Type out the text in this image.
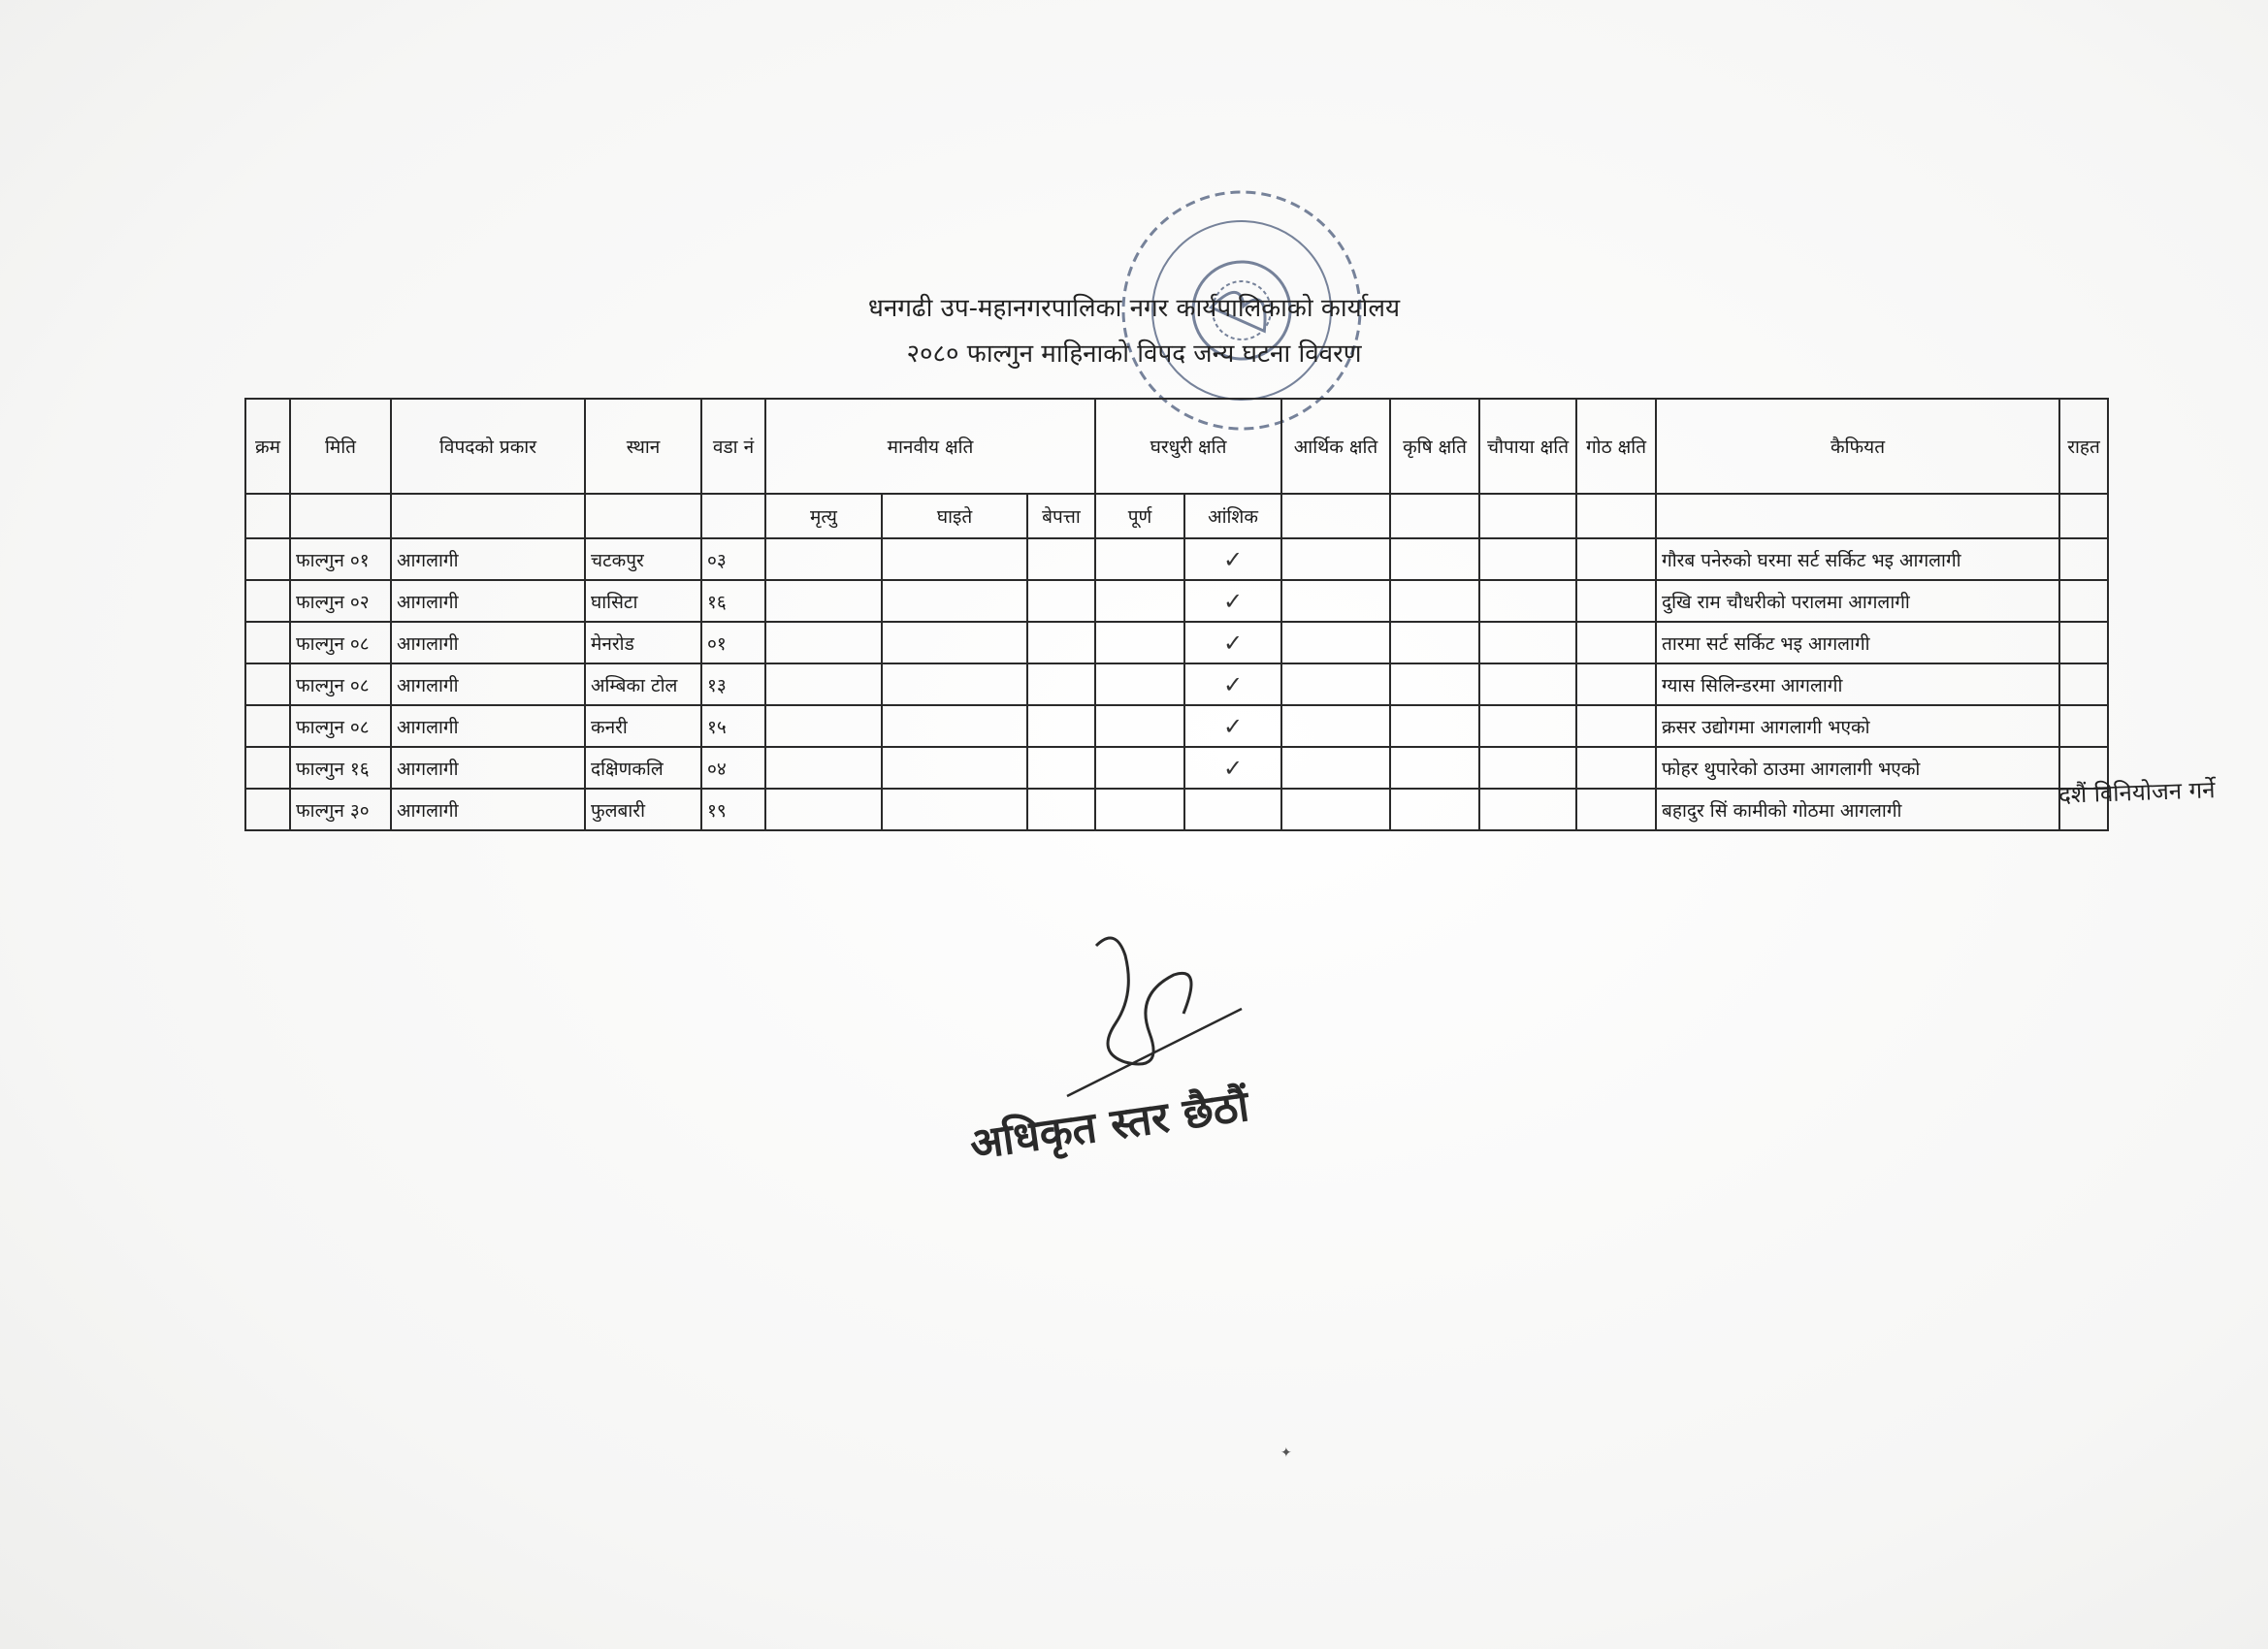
धनगढी उप-महानगरपालिका नगर कार्यपालिकाको कार्यालय
२०८० फाल्गुन माहिनाको विपद जन्य घटना विवरण
क्रम	मिति	विपदको प्रकार	स्थान	वडा नं	मानवीय क्षति			घरधुरी क्षति		आर्थिक क्षति	कृषि क्षति	चौपाया क्षति	गोठ क्षति	कैफियत	राहत
					मृत्यु	घाइते	बेपत्ता	पूर्ण	आंशिक						
	फाल्गुन ०१	आगलागी	चटकपुर	०३					✓					गौरब पनेरुको घरमा सर्ट सर्किट भइ आगलागी	
	फाल्गुन ०२	आगलागी	घासिटा	१६					✓					दुखि राम चौधरीको परालमा आगलागी	
	फाल्गुन ०८	आगलागी	मेनरोड	०१					✓					तारमा सर्ट सर्किट भइ आगलागी	
	फाल्गुन ०८	आगलागी	अम्बिका टोल	१३					✓					ग्यास सिलिन्डरमा आगलागी	
	फाल्गुन ०८	आगलागी	कनरी	१५					✓					क्रसर उद्योगमा आगलागी भएको	
	फाल्गुन १६	आगलागी	दक्षिणकलि	०४					✓					फोहर थुपारेको ठाउमा आगलागी भएको	
	फाल्गुन ३०	आगलागी	फुलबारी	१९										बहादुर सिं कामीको गोठमा आगलागी	
अधिकृत स्तर छैठौं
दशैं विनियोजन गर्ने
✦
